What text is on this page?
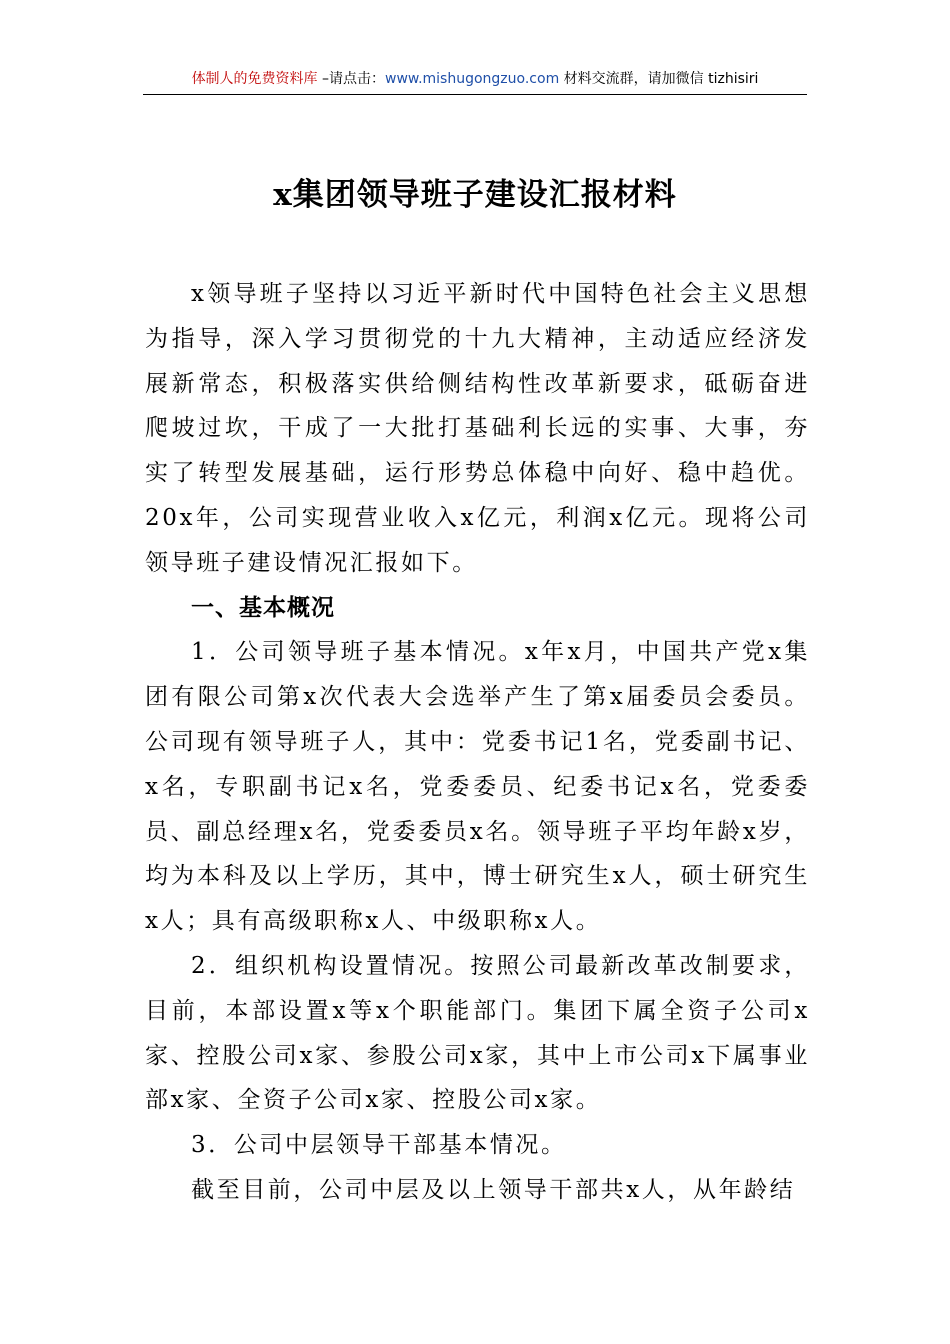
体制人的免费资料库 –请点击：www.mishugongzuo.com 材料交流群，请加微信 tizhisiri
x集团领导班子建设汇报材料

x领导班子坚持以习近平新时代中国特色社会主义思想为指导，深入学习贯彻党的十九大精神，主动适应经济发展新常态，积极落实供给侧结构性改革新要求，砥砺奋进爬坡过坎，干成了一大批打基础利长远的实事、大事，夯实了转型发展基础，运行形势总体稳中向好、稳中趋优。20x年，公司实现营业收入x亿元，利润x亿元。现将公司领导班子建设情况汇报如下。

一、基本概况

1．公司领导班子基本情况。x年x月，中国共产党x集团有限公司第x次代表大会选举产生了第x届委员会委员。公司现有领导班子人，其中：党委书记1名，党委副书记、x名，专职副书记x名，党委委员、纪委书记x名，党委委员、副总经理x名，党委委员x名。领导班子平均年龄x岁，均为本科及以上学历，其中，博士研究生x人，硕士研究生x人；具有高级职称x人、中级职称x人。

2．组织机构设置情况。按照公司最新改革改制要求，目前，本部设置x等x个职能部门。集团下属全资子公司x家、控股公司x家、参股公司x家，其中上市公司x下属事业部x家、全资子公司x家、控股公司x家。

3．公司中层领导干部基本情况。

截至目前，公司中层及以上领导干部共x人，从年龄结
